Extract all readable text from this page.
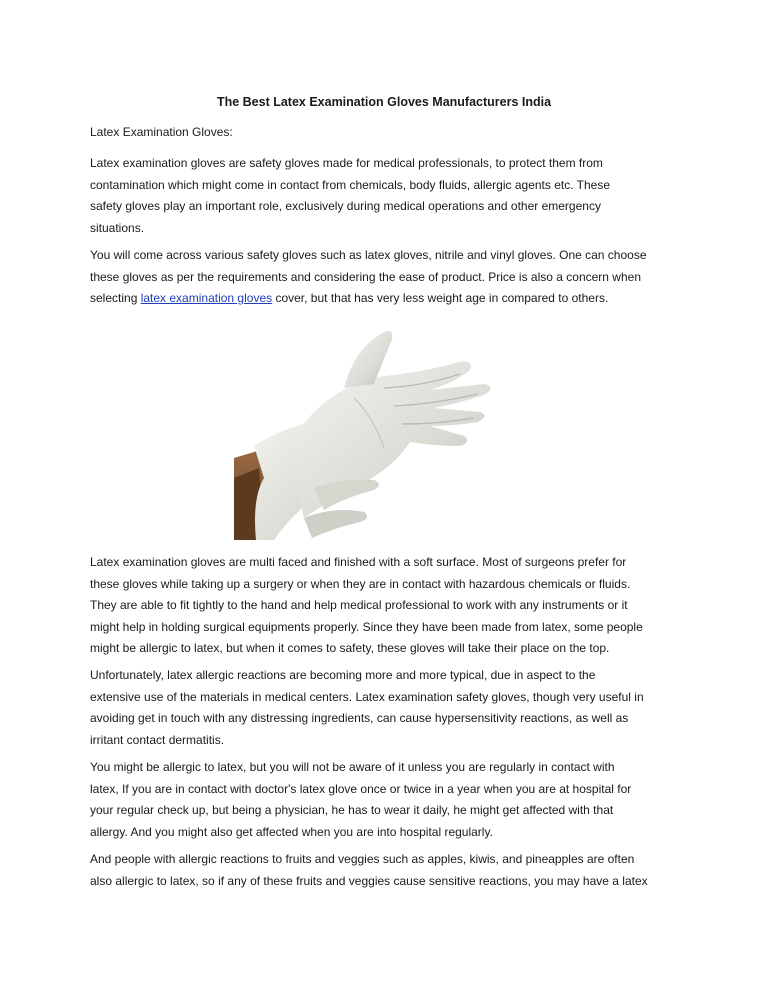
The Best Latex Examination Gloves Manufacturers India

Latex Examination Gloves:

Latex examination gloves are safety gloves made for medical professionals, to protect them from
contamination which might come in contact from chemicals, body fluids, allergic agents etc. These
safety gloves play an important role, exclusively during medical operations and other emergency
situations.

You will come across various safety gloves such as latex gloves, nitrile and vinyl gloves. One can choose
these gloves as per the requirements and considering the ease of product. Price is also a concern when
selecting latex examination gloves cover, but that has very less weight age in compared to others.

Latex examination gloves are multi faced and finished with a soft surface. Most of surgeons prefer for
these gloves while taking up a surgery or when they are in contact with hazardous chemicals or fluids.
They are able to fit tightly to the hand and help medical professional to work with any instruments or it
might help in holding surgical equipments properly. Since they have been made from latex, some people
might be allergic to latex, but when it comes to safety, these gloves will take their place on the top.

Unfortunately, latex allergic reactions are becoming more and more typical, due in aspect to the
extensive use of the materials in medical centers. Latex examination safety gloves, though very useful in
avoiding get in touch with any distressing ingredients, can cause hypersensitivity reactions, as well as
irritant contact dermatitis.

You might be allergic to latex, but you will not be aware of it unless you are regularly in contact with
latex, If you are in contact with doctor's latex glove once or twice in a year when you are at hospital for
your regular check up, but being a physician, he has to wear it daily, he might get affected with that
allergy. And you might also get affected when you are into hospital regularly.

And people with allergic reactions to fruits and veggies such as apples, kiwis, and pineapples are often
also allergic to latex, so if any of these fruits and veggies cause sensitive reactions, you may have a latex
